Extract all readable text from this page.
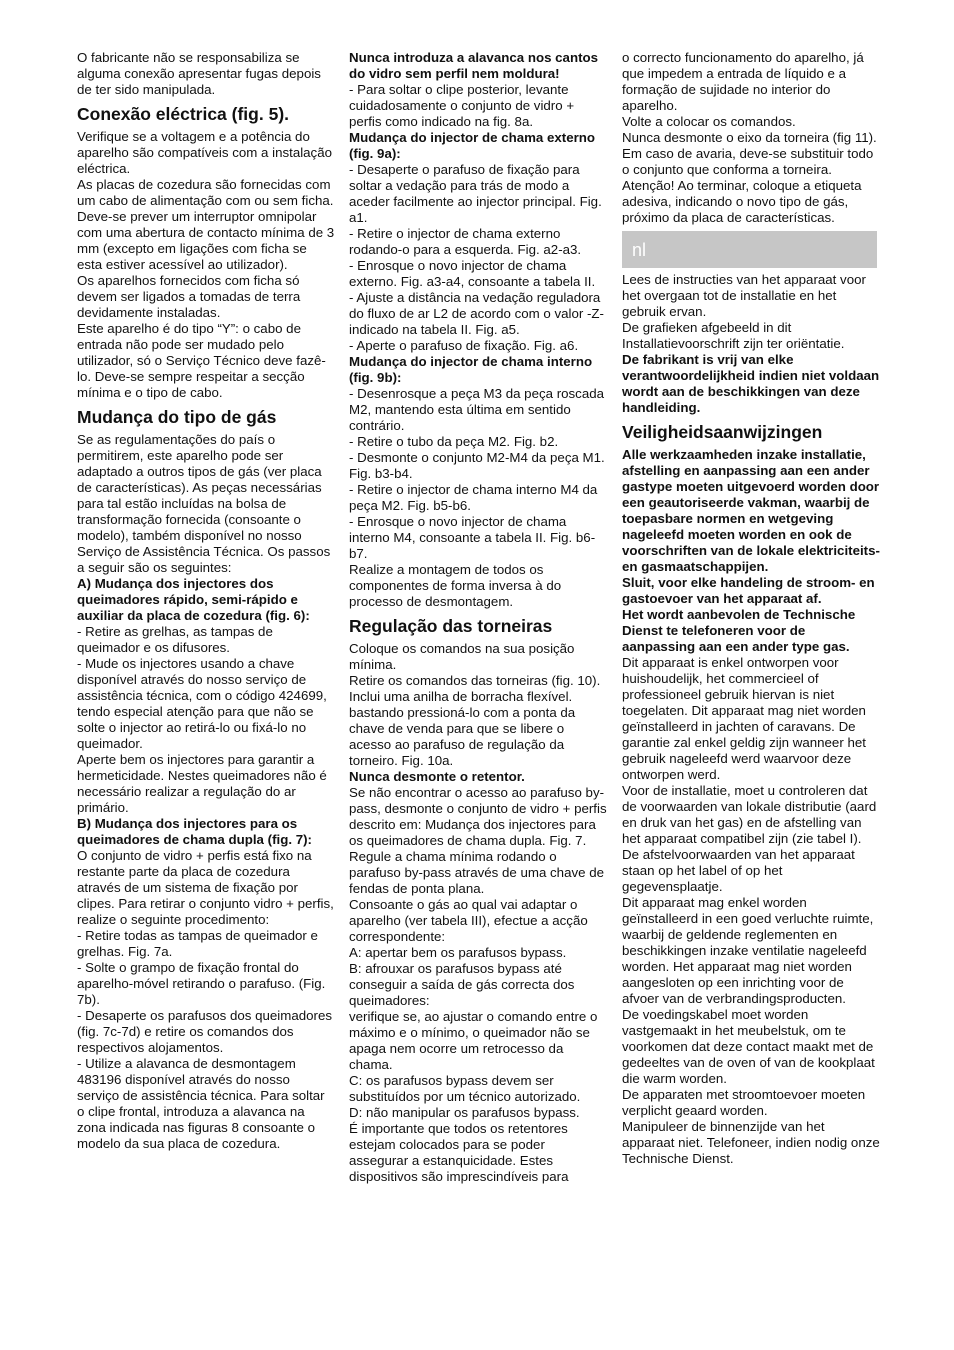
O fabricante não se responsabiliza se alguma conexão apresentar fugas depois de ter sido manipulada.

Conexão eléctrica (fig. 5).

Verifique se a voltagem e a potência do aparelho são compatíveis com a instalação eléctrica.
As placas de cozedura são fornecidas com um cabo de alimentação com ou sem ficha.
Deve-se prever um interruptor omnipolar com uma abertura de contacto mínima de 3 mm (excepto em ligações com ficha se esta estiver acessível ao utilizador).
Os aparelhos fornecidos com ficha só devem ser ligados a tomadas de terra devidamente instaladas.
Este aparelho é do tipo “Y”: o cabo de entrada não pode ser mudado pelo utilizador, só o Serviço Técnico deve fazê-lo. Deve-se sempre respeitar a secção mínima e o tipo de cabo.

Mudança do tipo de gás

Se as regulamentações do país o permitirem, este aparelho pode ser adaptado a outros tipos de gás (ver placa de características). As peças necessárias para tal estão incluídas na bolsa de transformação fornecida (consoante o modelo), também disponível no nosso Serviço de Assistência Técnica. Os passos a seguir são os seguintes:

A) Mudança dos injectores dos queimadores rápido, semi-rápido e auxiliar da placa de cozedura (fig. 6):

- Retire as grelhas, as tampas de queimador e os difusores.
- Mude os injectores usando a chave disponível através do nosso serviço de assistência técnica, com o código 424699, tendo especial atenção para que não se solte o injector ao retirá-lo ou fixá-lo no queimador.
Aperte bem os injectores para garantir a hermeticidade. Nestes queimadores não é necessário realizar a regulação do ar primário.

B) Mudança dos injectores para os queimadores de chama dupla (fig. 7):

O conjunto de vidro + perfis está fixo na restante parte da placa de cozedura através de um sistema de fixação por clipes. Para retirar o conjunto vidro + perfis, realize o seguinte procedimento:
- Retire todas as tampas de queimador e grelhas. Fig. 7a.
- Solte o grampo de fixação frontal do aparelho-móvel retirando o parafuso. (Fig. 7b).
- Desaperte os parafusos dos queimadores (fig. 7c-7d) e retire os comandos dos respectivos alojamentos.
- Utilize a alavanca de desmontagem 483196 disponível através do nosso serviço de assistência técnica. Para soltar o clipe frontal, introduza a alavanca na zona indicada nas figuras 8 consoante o modelo da sua placa de cozedura.

Nunca introduza a alavanca nos cantos do vidro sem perfil nem moldura!

- Para soltar o clipe posterior, levante cuidadosamente o conjunto de vidro + perfis como indicado na fig. 8a.

Mudança do injector de chama externo (fig. 9a):

- Desaperte o parafuso de fixação para soltar a vedação para trás de modo a aceder facilmente ao injector principal. Fig. a1.
- Retire o injector de chama externo rodando-o para a esquerda. Fig. a2-a3.
- Enrosque o novo injector de chama externo. Fig. a3-a4, consoante a tabela II.
- Ajuste a distância na vedação reguladora do fluxo de ar L2 de acordo com o valor -Z- indicado na tabela II. Fig. a5.
- Aperte o parafuso de fixação. Fig. a6.

Mudança do injector de chama interno (fig. 9b):

- Desenrosque a peça M3 da peça roscada M2, mantendo esta última em sentido contrário.
- Retire o tubo da peça M2. Fig. b2.
- Desmonte o conjunto M2-M4 da peça M1. Fig. b3-b4.
- Retire o injector de chama interno M4 da peça M2. Fig. b5-b6.
- Enrosque o novo injector de chama interno M4, consoante a tabela II. Fig. b6-b7.
Realize a montagem de todos os componentes de forma inversa à do processo de desmontagem.

Regulação das torneiras

Coloque os comandos na sua posição mínima.
Retire os comandos das torneiras (fig. 10).
Inclui uma anilha de borracha flexível. bastando pressioná-lo com a ponta da chave de venda para que se libere o acesso ao parafuso de regulação da torneiro. Fig. 10a.

Nunca desmonte o retentor.

Se não encontrar o acesso ao parafuso by-pass, desmonte o conjunto de vidro + perfis descrito em: Mudança dos injectores para os queimadores de chama dupla. Fig. 7.
Regule a chama mínima rodando o parafuso by-pass através de uma chave de fendas de ponta plana.
Consoante o gás ao qual vai adaptar o aparelho (ver tabela III), efectue a acção correspondente:
A: apertar bem os parafusos bypass.
B: afrouxar os parafusos bypass até conseguir a saída de gás correcta dos queimadores:
verifique se, ao ajustar o comando entre o máximo e o mínimo, o queimador não se apaga nem ocorre um retrocesso da chama.
C: os parafusos bypass devem ser substituídos por um técnico autorizado.
D: não manipular os parafusos bypass.
É importante que todos os retentores estejam colocados para se poder assegurar a estanquicidade. Estes dispositivos são imprescindíveis para

o correcto funcionamento do aparelho, já que impedem a entrada de líquido e a formação de sujidade no interior do aparelho.
Volte a colocar os comandos.
Nunca desmonte o eixo da torneira (fig 11). Em caso de avaria, deve-se substituir todo o conjunto que conforma a torneira.
Atenção! Ao terminar, coloque a etiqueta adesiva, indicando o novo tipo de gás, próximo da placa de características.

nl

Lees de instructies van het apparaat voor het overgaan tot de installatie en het gebruik ervan.
De grafieken afgebeeld in dit Installatievoorschrift zijn ter oriëntatie.

De fabrikant is vrij van elke verantwoordelijkheid indien niet voldaan wordt aan de beschikkingen van deze handleiding.

Veiligheidsaanwijzingen

Alle werkzaamheden inzake installatie, afstelling en aanpassing aan een ander gastype moeten uitgevoerd worden door een geautoriseerde vakman, waarbij de toepasbare normen en wetgeving nageleefd moeten worden en ook de voorschriften van de lokale elektriciteits- en gasmaatschappijen.
Sluit, voor elke handeling de stroom- en gastoevoer van het apparaat af.
Het wordt aanbevolen de Technische Dienst te telefoneren voor de aanpassing aan een ander type gas.

Dit apparaat is enkel ontworpen voor huishoudelijk, het commercieel of professioneel gebruik hiervan is niet toegelaten. Dit apparaat mag niet worden geïnstalleerd in jachten of caravans. De garantie zal enkel geldig zijn wanneer het gebruik nageleefd werd waarvoor deze ontworpen werd.
Voor de installatie, moet u controleren dat de voorwaarden van lokale distributie (aard en druk van het gas) en de afstelling van het apparaat compatibel zijn (zie tabel I). De afstelvoorwaarden van het apparaat staan op het label of op het gegevensplaatje.
Dit apparaat mag enkel worden geïnstalleerd in een goed verluchte ruimte, waarbij de geldende reglementen en beschikkingen inzake ventilatie nageleefd worden. Het apparaat mag niet worden aangesloten op een inrichting voor de afvoer van de verbrandingsproducten.
De voedingskabel moet worden vastgemaakt in het meubelstuk, om te voorkomen dat deze contact maakt met de gedeeltes van de oven of van de kookplaat die warm worden.
De apparaten met stroomtoevoer moeten verplicht geaard worden.
Manipuleer de binnenzijde van het apparaat niet. Telefoneer, indien nodig onze Technische Dienst.
